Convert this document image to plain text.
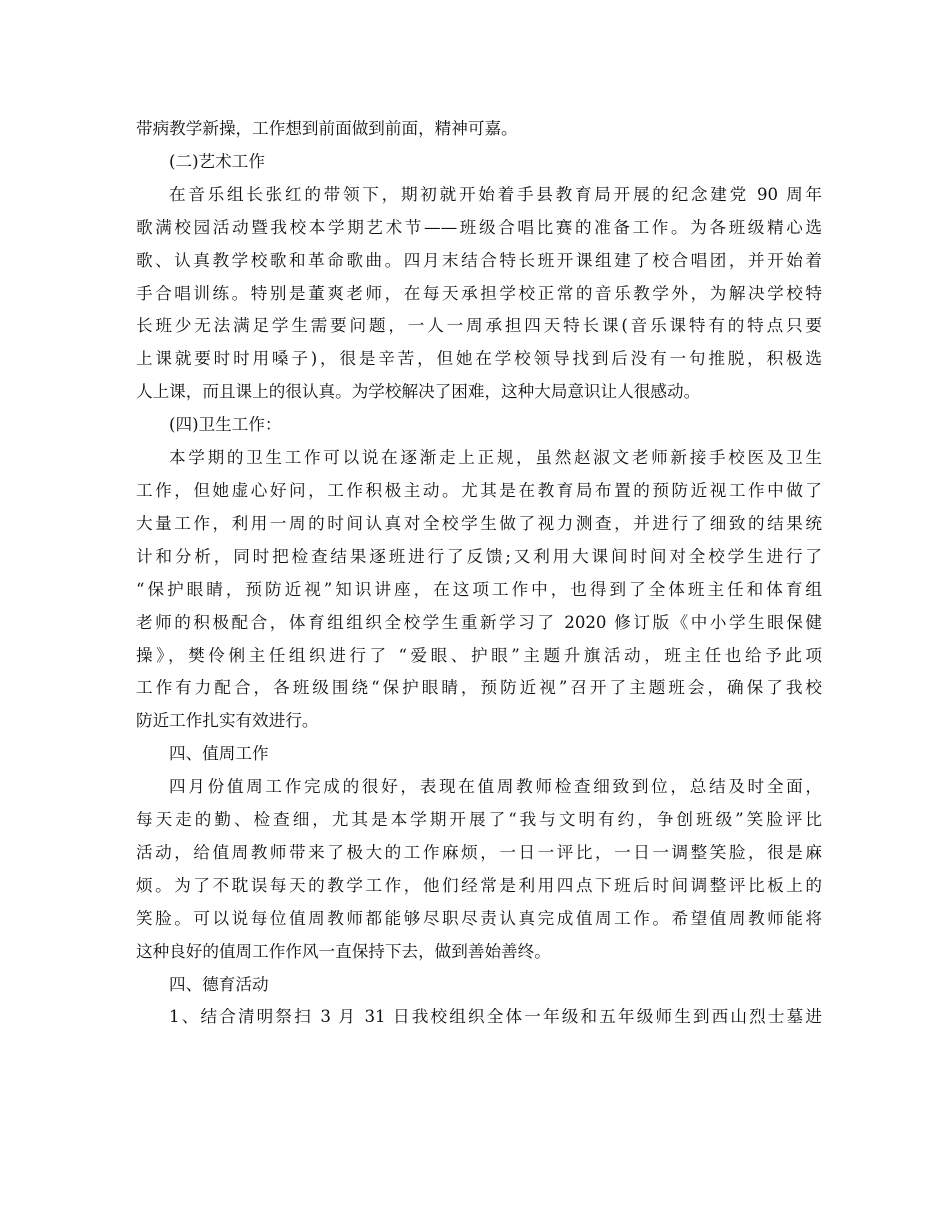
带病教学新操，工作想到前面做到前面，精神可嘉。

(二)艺术工作

在音乐组长张红的带领下，期初就开始着手县教育局开展的纪念建党 90 周年

歌满校园活动暨我校本学期艺术节——班级合唱比赛的准备工作。为各班级精心选

歌、认真教学校歌和革命歌曲。四月末结合特长班开课组建了校合唱团，并开始着

手合唱训练。特别是董爽老师，在每天承担学校正常的音乐教学外，为解决学校特

长班少无法满足学生需要问题，一人一周承担四天特长课(音乐课特有的特点只要

上课就要时时用嗓子)，很是辛苦，但她在学校领导找到后没有一句推脱，积极选

人上课，而且课上的很认真。为学校解决了困难，这种大局意识让人很感动。

(四)卫生工作：

本学期的卫生工作可以说在逐渐走上正规，虽然赵淑文老师新接手校医及卫生

工作，但她虚心好问，工作积极主动。尤其是在教育局布置的预防近视工作中做了

大量工作，利用一周的时间认真对全校学生做了视力测查，并进行了细致的结果统

计和分析，同时把检查结果逐班进行了反馈;又利用大课间时间对全校学生进行了

“保护眼睛，预防近视”知识讲座，在这项工作中，也得到了全体班主任和体育组

老师的积极配合，体育组组织全校学生重新学习了 2020 修订版《中小学生眼保健

操》，樊伶俐主任组织进行了 “爱眼、护眼”主题升旗活动，班主任也给予此项

工作有力配合，各班级围绕“保护眼睛，预防近视”召开了主题班会，确保了我校

防近工作扎实有效进行。

四、值周工作

四月份值周工作完成的很好，表现在值周教师检查细致到位，总结及时全面，

每天走的勤、检查细，尤其是本学期开展了“我与文明有约，争创班级”笑脸评比

活动，给值周教师带来了极大的工作麻烦，一日一评比，一日一调整笑脸，很是麻

烦。为了不耽误每天的教学工作，他们经常是利用四点下班后时间调整评比板上的

笑脸。可以说每位值周教师都能够尽职尽责认真完成值周工作。希望值周教师能将

这种良好的值周工作作风一直保持下去，做到善始善终。

四、德育活动

1、结合清明祭扫 3 月 31 日我校组织全体一年级和五年级师生到西山烈士墓进
